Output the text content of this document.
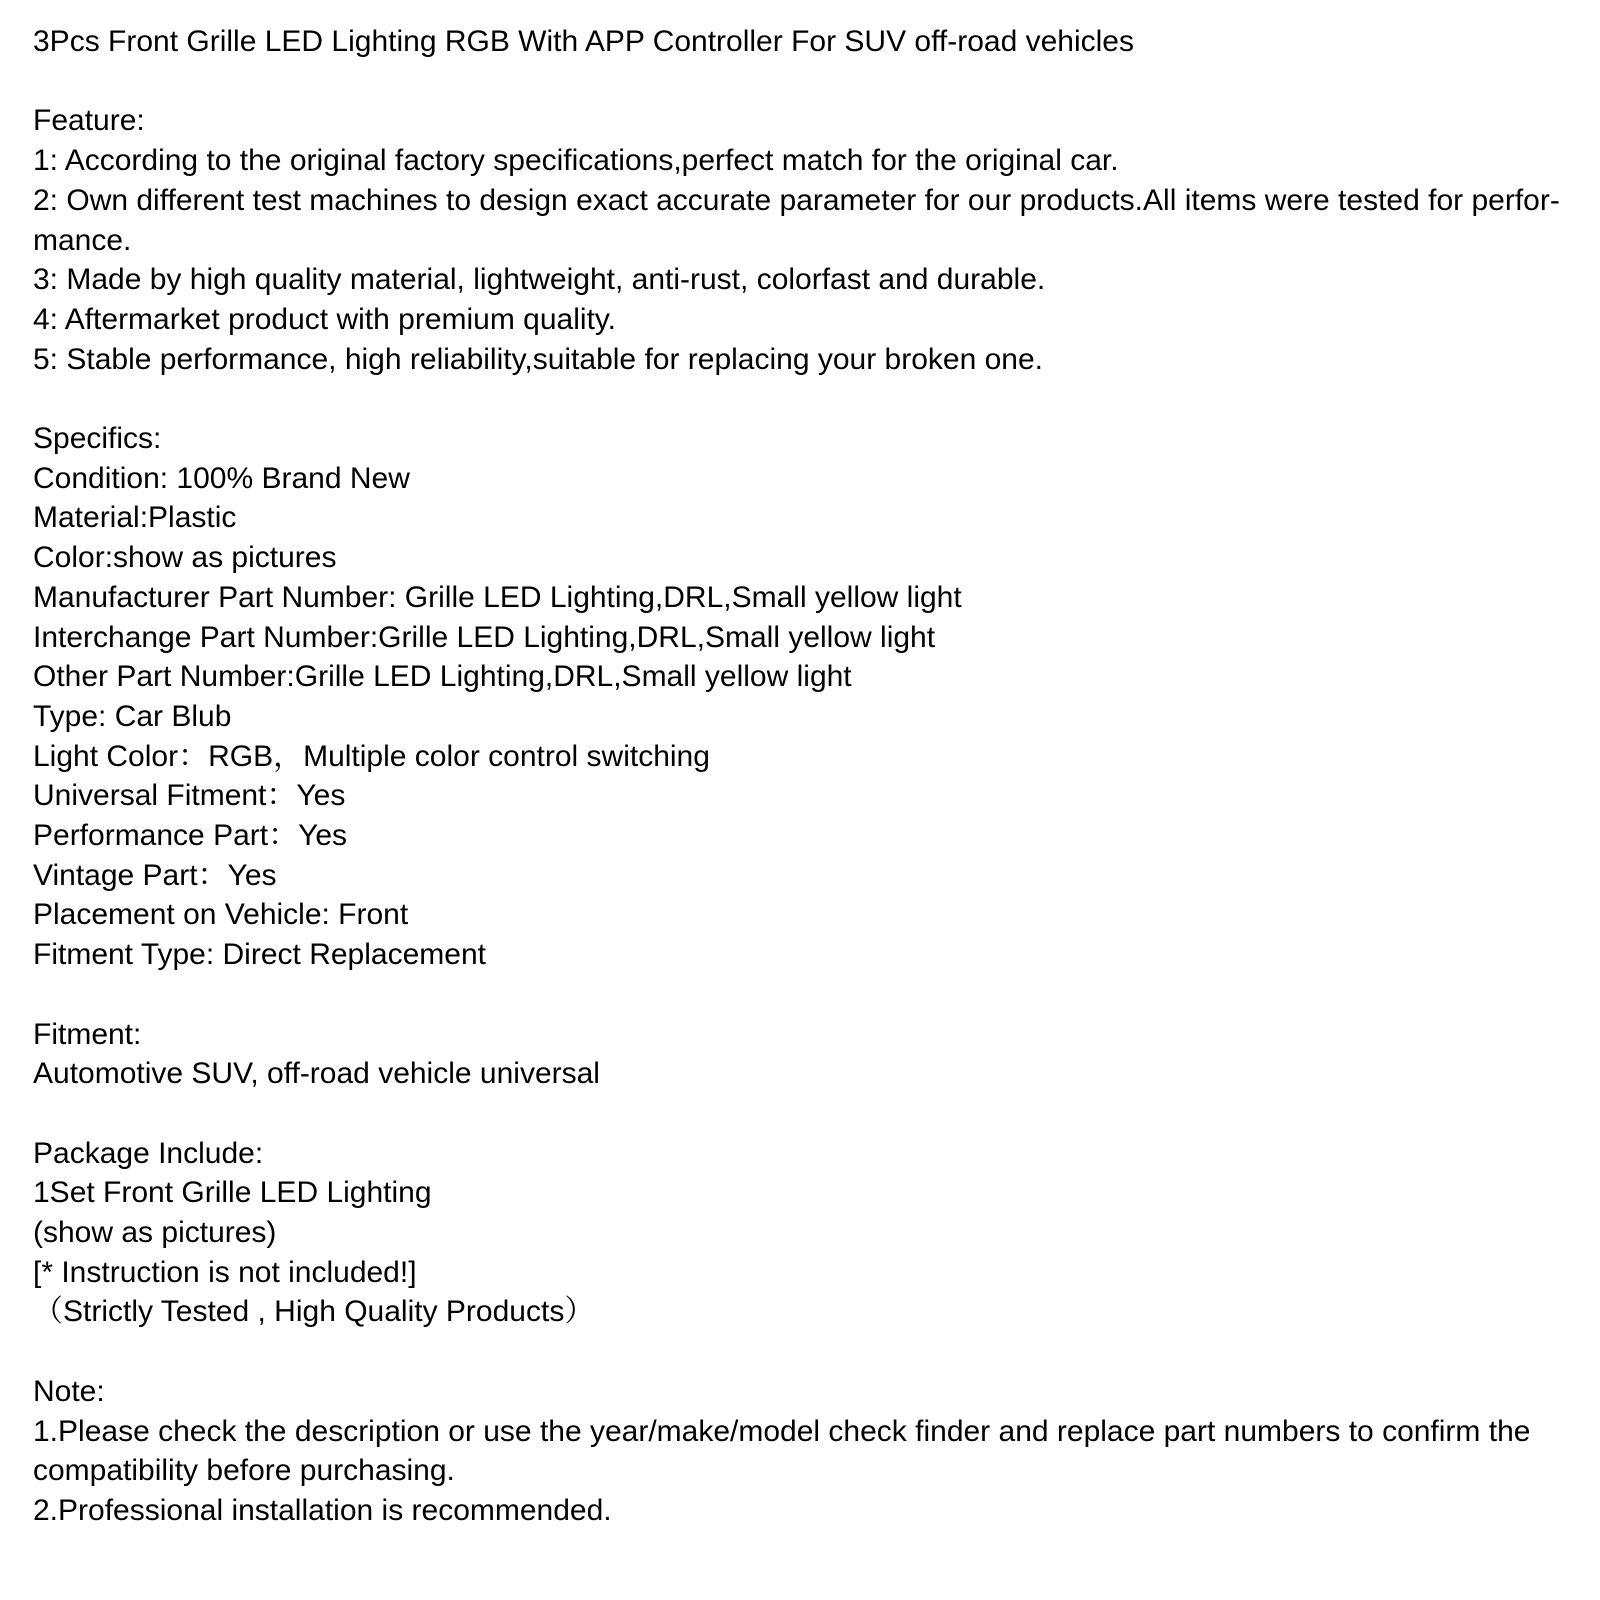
3Pcs Front Grille LED Lighting RGB With APP Controller For SUV off-road vehicles
Feature:
1: According to the original factory specifications,perfect match for the original car.
2: Own different test machines to design exact accurate parameter for our products.All items were tested for perfor-
mance.
3: Made by high quality material, lightweight, anti-rust, colorfast and durable.
4: Aftermarket product with premium quality.
5: Stable performance, high reliability,suitable for replacing your broken one.
Specifics:
Condition: 100% Brand New
Material:Plastic
Color:show as pictures
Manufacturer Part Number: Grille LED Lighting,DRL,Small yellow light
Interchange Part Number:Grille LED Lighting,DRL,Small yellow light
Other Part Number:Grille LED Lighting,DRL,Small yellow light
Type: Car Blub
Light Color：RGB，Multiple color control switching
Universal Fitment：Yes
Performance Part：Yes
Vintage Part：Yes
Placement on Vehicle: Front
Fitment Type: Direct Replacement
Fitment:
Automotive SUV, off-road vehicle universal
Package Include:
1Set Front Grille LED Lighting
(show as pictures)
[* Instruction is not included!]
（Strictly Tested , High Quality Products）
Note:
1.Please check the description or use the year/make/model check finder and replace part numbers to confirm the
compatibility before purchasing.
2.Professional installation is recommended.
